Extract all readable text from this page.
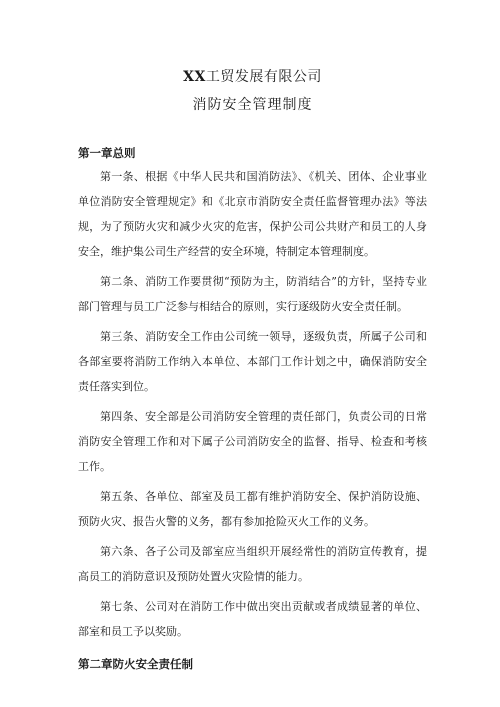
XX工贸发展有限公司
消防安全管理制度
第一章总则

第一条、根据《中华人民共和国消防法》、《机关、团体、企业事业单位消防安全管理规定》和《北京市消防安全责任监督管理办法》等法规，为了预防火灾和减少火灾的危害，保护公司公共财产和员工的人身安全，维护集公司生产经营的安全环境，特制定本管理制度。

第二条、消防工作要贯彻“预防为主，防消结合”的方针，坚持专业部门管理与员工广泛参与相结合的原则，实行逐级防火安全责任制。

第三条、消防安全工作由公司统一领导，逐级负责，所属子公司和各部室要将消防工作纳入本单位、本部门工作计划之中，确保消防安全责任落实到位。

第四条、安全部是公司消防安全管理的责任部门，负责公司的日常消防安全管理工作和对下属子公司消防安全的监督、指导、检查和考核工作。

第五条、各单位、部室及员工都有维护消防安全、保护消防设施、预防火灾、报告火警的义务，都有参加抢险灭火工作的义务。

第六条、各子公司及部室应当组织开展经常性的消防宣传教育，提高员工的消防意识及预防处置火灾险情的能力。

第七条、公司对在消防工作中做出突出贡献或者成绩显著的单位、部室和员工予以奖励。

第二章防火安全责任制
